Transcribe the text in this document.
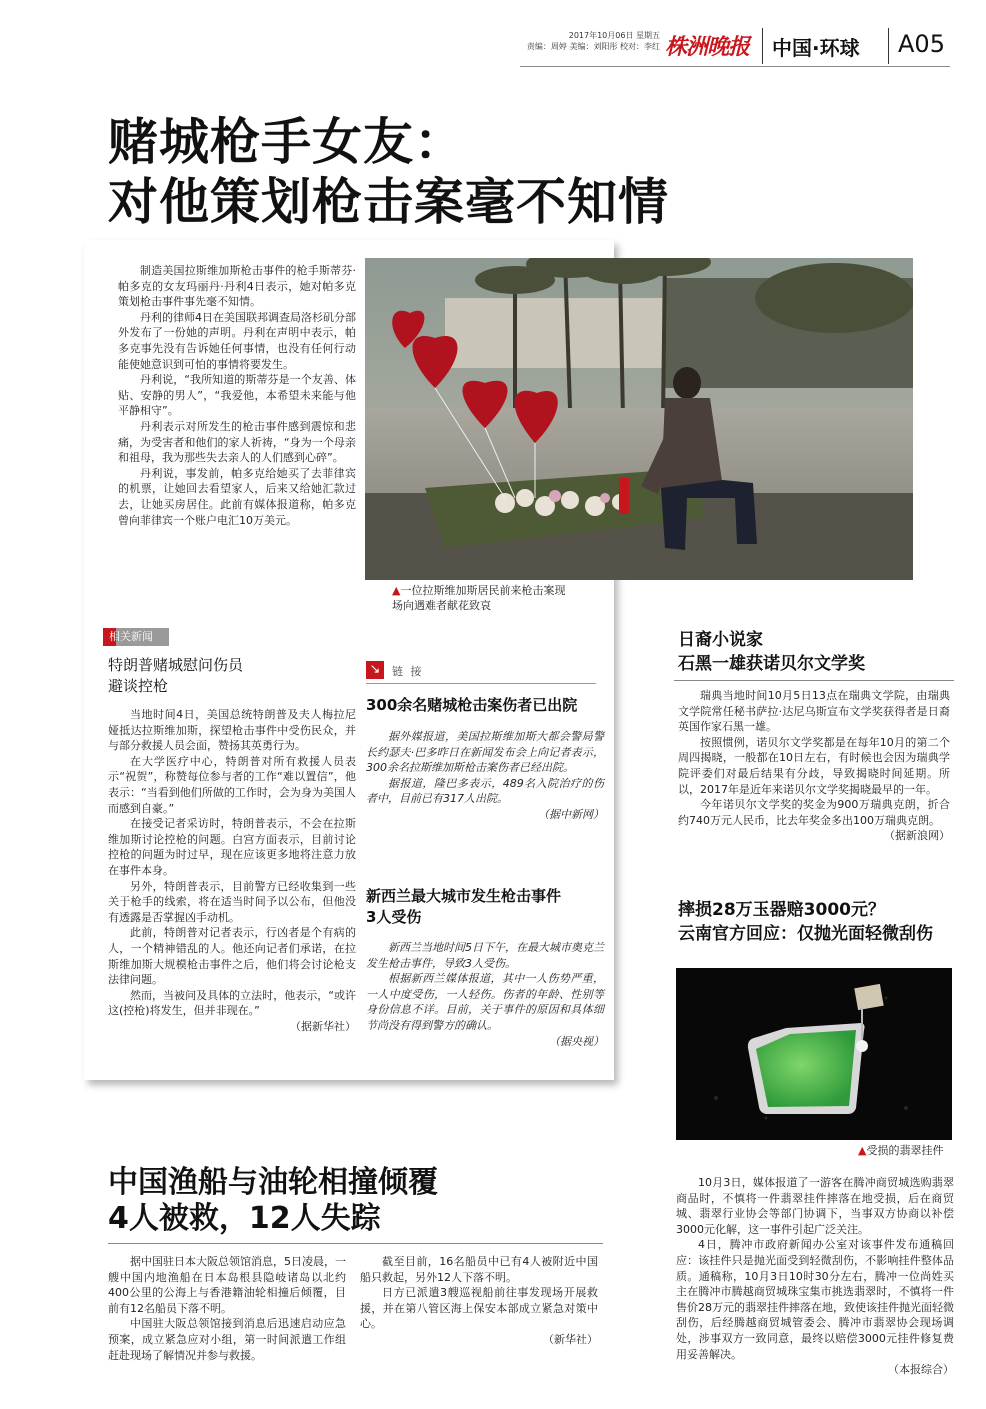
2017年10月06日 星期五
责编：周婷 美编：刘阳彤 校对：李红 株洲晚报 中国·环球 A05
赌城枪手女友：
对他策划枪击案毫不知情

制造美国拉斯维加斯枪击事件的枪手斯蒂芬·帕多克的女友玛丽丹·丹利4日表示，她对帕多克策划枪击事件事先毫不知情。

丹利的律师4日在美国联邦调查局洛杉矶分部外发布了一份她的声明。丹利在声明中表示，帕多克事先没有告诉她任何事情，也没有任何行动能使她意识到可怕的事情将要发生。

丹利说，“我所知道的斯蒂芬是一个友善、体贴、安静的男人”，“我爱他，本希望未来能与他平静相守”。

丹利表示对所发生的枪击事件感到震惊和悲痛，为受害者和他们的家人祈祷，“身为一个母亲和祖母，我为那些失去亲人的人们感到心碎”。

丹利说，事发前，帕多克给她买了去菲律宾的机票，让她回去看望家人，后来又给她汇款过去，让她买房居住。此前有媒体报道称，帕多克曾向菲律宾一个账户电汇10万美元。

▲一位拉斯维加斯居民前来枪击案现
场向遇难者献花致哀
相关新闻
特朗普赌城慰问伤员
避谈控枪

当地时间4日，美国总统特朗普及夫人梅拉尼娅抵达拉斯维加斯，探望枪击事件中受伤民众，并与部分救援人员会面，赞扬其英勇行为。

在大学医疗中心，特朗普对所有救援人员表示“祝贺”，称赞每位参与者的工作“难以置信”，他表示：“当看到他们所做的工作时，会为身为美国人而感到自豪。”

在接受记者采访时，特朗普表示，不会在拉斯维加斯讨论控枪的问题。白宫方面表示，目前讨论控枪的问题为时过早，现在应该更多地将注意力放在事件本身。

另外，特朗普表示，目前警方已经收集到一些关于枪手的线索，将在适当时间予以公布，但他没有透露是否掌握凶手动机。

此前，特朗普对记者表示，行凶者是个有病的人，一个精神错乱的人。他还向记者们承诺，在拉斯维加斯大规模枪击事件之后，他们将会讨论枪支法律问题。

然而，当被问及具体的立法时，他表示，“或许这(控枪)将发生，但并非现在。”

（据新华社）

↘	链 接
300余名赌城枪击案伤者已出院

据外媒报道，美国拉斯维加斯大都会警局警长约瑟夫·巴多昨日在新闻发布会上向记者表示，300余名拉斯维加斯枪击案伤者已经出院。

据报道，隆巴多表示，489名入院治疗的伤者中，目前已有317人出院。

（据中新网）

新西兰最大城市发生枪击事件
3人受伤

新西兰当地时间5日下午，在最大城市奥克兰发生枪击事件，导致3人受伤。

根据新西兰媒体报道，其中一人伤势严重，一人中度受伤，一人轻伤。伤者的年龄、性别等身份信息不详。目前，关于事件的原因和具体细节尚没有得到警方的确认。

（据央视）

日裔小说家
石黑一雄获诺贝尔文学奖

瑞典当地时间10月5日13点在瑞典文学院，由瑞典文学院常任秘书萨拉·达尼乌斯宣布文学奖获得者是日裔英国作家石黑一雄。

按照惯例，诺贝尔文学奖都是在每年10月的第二个周四揭晓，一般都在10日左右，有时候也会因为瑞典学院评委们对最后结果有分歧，导致揭晓时间延期。所以，2017年是近年来诺贝尔文学奖揭晓最早的一年。

今年诺贝尔文学奖的奖金为900万瑞典克朗，折合约740万元人民币，比去年奖金多出100万瑞典克朗。

（据新浪网）

摔损28万玉器赔3000元？
云南官方回应：仅抛光面轻微刮伤
▲受损的翡翠挂件

10月3日，媒体报道了一游客在腾冲商贸城选购翡翠商品时，不慎将一件翡翠挂件摔落在地受损，后在商贸城、翡翠行业协会等部门协调下，当事双方协商以补偿3000元化解，这一事件引起广泛关注。

4日，腾冲市政府新闻办公室对该事件发布通稿回应：该挂件只是抛光面受到轻微刮伤，不影响挂件整体品质。通稿称，10月3日10时30分左右，腾冲一位尚姓买主在腾冲市腾越商贸城珠宝集市挑选翡翠时，不慎将一件售价28万元的翡翠挂件摔落在地，致使该挂件抛光面轻微刮伤，后经腾越商贸城管委会、腾冲市翡翠协会现场调处，涉事双方一致同意，最终以赔偿3000元挂件修复费用妥善解决。

（本报综合）

中国渔船与油轮相撞倾覆
4人被救，12人失踪

据中国驻日本大阪总领馆消息，5日凌晨，一艘中国内地渔船在日本岛根县隐岐诸岛以北约400公里的公海上与香港籍油轮相撞后倾覆，目前有12名船员下落不明。

中国驻大阪总领馆接到消息后迅速启动应急预案，成立紧急应对小组，第一时间派遣工作组赶赴现场了解情况并参与救援。

截至目前，16名船员中已有4人被附近中国船只救起，另外12人下落不明。

日方已派遣3艘巡视船前往事发现场开展救援，并在第八管区海上保安本部成立紧急对策中心。

（新华社）
